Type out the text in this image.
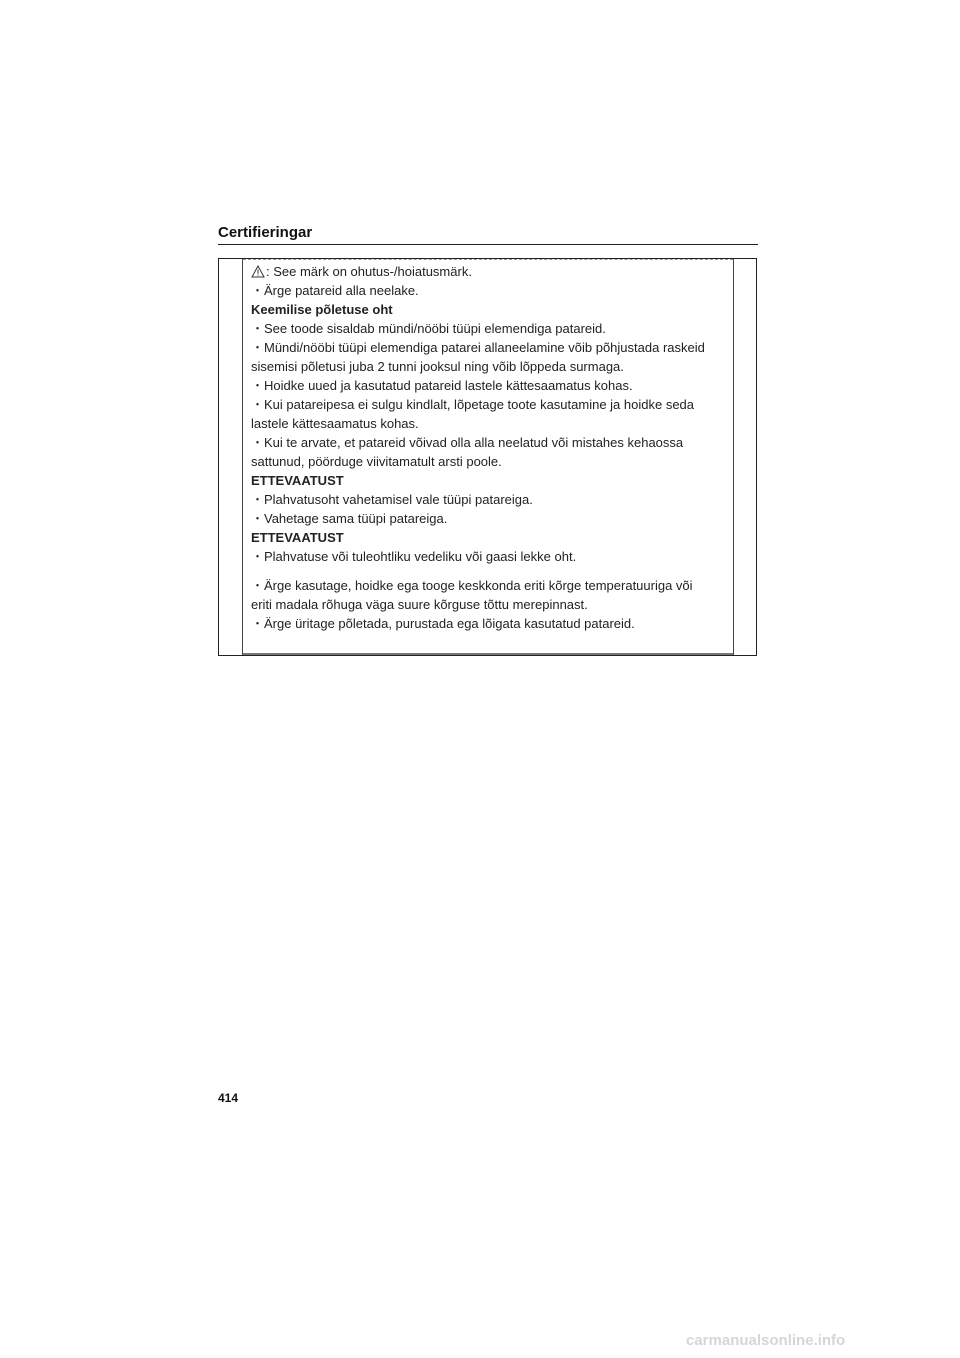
Certifieringar
: See märk on ohutus-/hoiatusmärk.
・Ärge patareid alla neelake.
Keemilise põletuse oht
・See toode sisaldab mündi/nööbi tüüpi elemendiga patareid.
・Mündi/nööbi tüüpi elemendiga patarei allaneelamine võib põhjustada raskeid
sisemisi põletusi juba 2 tunni jooksul ning võib lõppeda surmaga.
・Hoidke uued ja kasutatud patareid lastele kättesaamatus kohas.
・Kui patareipesa ei sulgu kindlalt, lõpetage toote kasutamine ja hoidke seda
lastele kättesaamatus kohas.
・Kui te arvate, et patareid võivad olla alla neelatud või mistahes kehaossa
sattunud, pöörduge viivitamatult arsti poole.
ETTEVAATUST
・Plahvatusoht vahetamisel vale tüüpi patareiga.
・Vahetage sama tüüpi patareiga.
ETTEVAATUST
・Plahvatuse või tuleohtliku vedeliku või gaasi lekke oht.
・Ärge kasutage, hoidke ega tooge keskkonda eriti kõrge temperatuuriga või
eriti madala rõhuga väga suure kõrguse tõttu merepinnast.
・Ärge üritage põletada, purustada ega lõigata kasutatud patareid.
414
carmanualsonline.info
